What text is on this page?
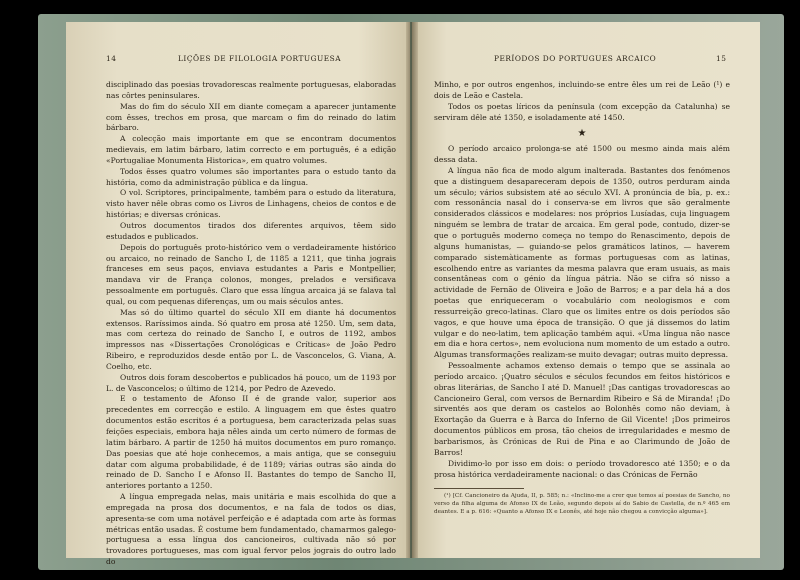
14	LIÇÕES DE FILOLOGIA PORTUGUESA

disciplinado das poesias trovadorescas realmente portuguesas, elaboradas nas côrtes peninsulares.

Mas do fim do século XII em diante começam a aparecer juntamente com êsses, trechos em prosa, que marcam o fim do reinado do latim bárbaro.

A colecção mais importante em que se encontram documentos medievais, em latim bárbaro, latim correcto e em português, é a edição «Portugaliae Monumenta Historica», em quatro volumes.

Todos êsses quatro volumes são importantes para o estudo tanto da história, como da administração pública e da língua.

O vol. Scriptores, principalmente, também para o estudo da literatura, visto haver nêle obras como os Livros de Linhagens, cheios de contos e de histórias; e diversas crónicas.

Outros documentos tirados dos diferentes arquivos, têem sido estudados e publicados.

Depois do português proto-histórico vem o verdadeiramente histórico ou arcaico, no reinado de Sancho I, de 1185 a 1211, que tinha jograis franceses em seus paços, enviava estudantes a Paris e Montpellier, mandava vir de França colonos, monges, prelados e versificava pessoalmente em português. Claro que essa língua arcaica já se falava tal qual, ou com pequenas diferenças, um ou mais séculos antes.

Mas só do último quartel do século XII em diante há documentos extensos. Raríssimos ainda. Só quatro em prosa até 1250. Um, sem data, mas com certeza do reinado de Sancho I, e outros de 1192, ambos impressos nas «Dissertações Cronológicas e Críticas» de João Pedro Ribeiro, e reproduzidos desde então por L. de Vasconcelos, G. Viana, A. Coelho, etc.

Outros dois foram descobertos e publicados há pouco, um de 1193 por L. de Vasconcelos; o último de 1214, por Pedro de Azevedo.

E o testamento de Afonso II é de grande valor, superior aos precedentes em correcção e estilo. A linguagem em que êstes quatro documentos estão escritos é a portuguesa, bem caracterizada pelas suas feições especiais, embora haja nêles ainda um certo número de formas de latim bárbaro. A partir de 1250 há muitos documentos em puro romanço. Das poesias que até hoje conhecemos, a mais antiga, que se conseguiu datar com alguma probabilidade, é de 1189; várias outras são ainda do reinado de D. Sancho I e Afonso II. Bastantes do tempo de Sancho II, anteriores portanto a 1250.

A língua empregada nelas, mais unitária e mais escolhida do que a empregada na prosa dos documentos, e na fala de todos os dias, apresenta-se com uma notável perfeição e é adaptada com arte às formas métricas então usadas. É costume bem fundamentado, chamarmos galego-portuguesa a essa língua dos cancioneiros, cultivada não só por trovadores portugueses, mas com igual fervor pelos jograis do outro lado do

PERÍODOS DO PORTUGUES ARCAICO	15

Minho, e por outros engenhos, incluindo-se entre êles um rei de Leão (¹) e dois de Leão e Castela.

Todos os poetas líricos da península (com excepção da Catalunha) se serviram dêle até 1350, e isoladamente até 1450.

★

O período arcaico prolonga-se até 1500 ou mesmo ainda mais além dessa data.

A língua não fica de modo algum inalterada. Bastantes dos fenómenos que a distinguem desapareceram depois de 1350, outros perduram ainda um século; vários subsistem até ao século XVI. A pronúncia de bîa, p. ex.: com ressonância nasal do i conserva-se em livros que são geralmente considerados clássicos e modelares: nos próprios Lusíadas, cuja linguagem ninguém se lembra de tratar de arcaica. Em geral pode, contudo, dizer-se que o português moderno começa no tempo do Renascimento, depois de alguns humanistas, — guiando-se pelos gramáticos latinos, — haverem comparado sistemàticamente as formas portuguesas com as latinas, escolhendo entre as variantes da mesma palavra que eram usuais, as mais consentâneas com o génio da língua pátria. Não se cifra só nisso a actividade de Fernão de Oliveira e João de Barros; e a par dela há a dos poetas que enriqueceram o vocabulário com neologismos e com ressurreição greco-latinas. Claro que os limites entre os dois períodos são vagos, e que houve uma época de transição. O que já dissemos do latim vulgar e do neo-latim, tem aplicação também aqui. «Uma língua não nasce em dia e hora certos», nem evoluciona num momento de um estado a outro. Algumas transformações realizam-se muito devagar; outras muito depressa.

Pessoalmente achamos extenso demais o tempo que se assinala ao período arcaico. ¡Quatro séculos e séculos fecundos em feitos históricos e obras literárias, de Sancho I até D. Manuel! ¡Das cantigas trovadorescas ao Cancioneiro Geral, com versos de Bernardim Ribeiro e Sá de Miranda! ¡Do sirventés aos que deram os castelos ao Bolonhês como não deviam, à Exortação da Guerra e à Barca do Inferno de Gil Vicente! ¡Dos primeiros documentos públicos em prosa, tão cheios de irregularidades e mesmo de barbarismos, às Crónicas de Rui de Pina e ao Clarimundo de João de Barros!

Dividimo-lo por isso em dois: o período trovadoresco até 1350; e o da prosa histórica verdadeiramente nacional: o das Crónicas de Fernão

(¹) [Cf. Cancioneiro da Ajuda, II, p. 585; n.: «Inclino-me a crer que temos aí poesias de Sancho, no verso da filha alguma de Afonso IX de Leão, segundo depois aí do Sabio de Castella, de n.º 465 em deantes. E a p. 616: «Quanto a Afonso IX e Leonês, até hoje não chegou a convicção alguma»].
